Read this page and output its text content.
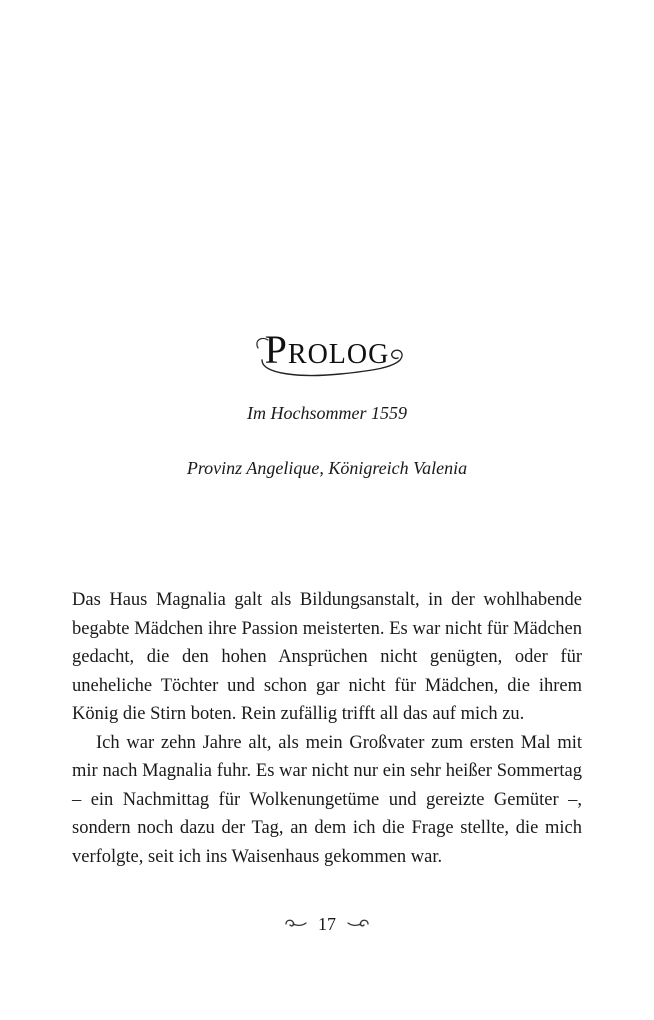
Prolog
Im Hochsommer 1559
Provinz Angelique, Königreich Valenia

Das Haus Magnalia galt als Bildungsanstalt, in der wohlhabende begabte Mädchen ihre Passion meisterten. Es war nicht für Mädchen gedacht, die den hohen Ansprüchen nicht genügten, oder für uneheliche Töchter und schon gar nicht für Mädchen, die ihrem König die Stirn boten. Rein zufällig trifft all das auf mich zu.

Ich war zehn Jahre alt, als mein Großvater zum ersten Mal mit mir nach Magnalia fuhr. Es war nicht nur ein sehr heißer Sommertag – ein Nachmittag für Wolkenungetüme und gereizte Gemüter –, sondern noch dazu der Tag, an dem ich die Frage stellte, die mich verfolgte, seit ich ins Waisenhaus gekommen war.

17
